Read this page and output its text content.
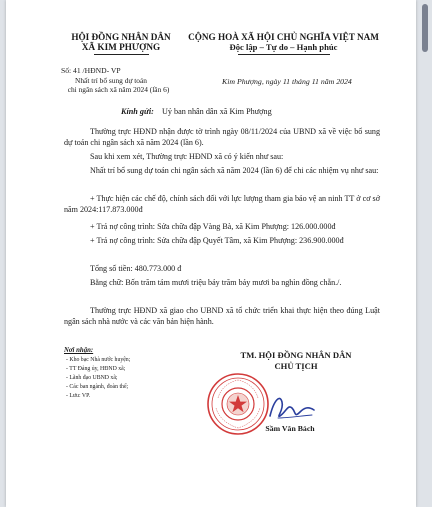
HỘI ĐỒNG NHÂN DÂN
XÃ KIM PHƯỢNG
CỘNG HOÀ XÃ HỘI CHỦ NGHĨA VIỆT NAM
Độc lập – Tự do – Hạnh phúc
Số: 41 /HĐND- VP
Nhất trí bổ sung dự toán
chi ngân sách xã năm 2024 (lần 6)
Kim Phượng, ngày 11 tháng 11 năm 2024
Kính gửi: Uỷ ban nhân dân xã Kim Phượng
Thường trực HĐND nhận được tờ trình ngày 08/11/2024 của UBND xã về việc bổ sung dự toán chi ngân sách xã năm 2024 (lần 6).
Sau khi xem xét, Thường trực HĐND xã có ý kiến như sau:
Nhất trí bổ sung dự toán chi ngân sách xã năm 2024 (lần 6) để chi các nhiệm vụ như sau:
+ Thực hiện các chế độ, chính sách đối với lực lượng tham gia bảo vệ an ninh TT ở cơ sở năm 2024:117.873.000đ
+ Trả nợ công trình: Sửa chữa đập Vàng Bà, xã Kim Phượng: 126.000.000đ
+ Trả nợ công trình: Sửa chữa đập Quyết Tâm, xã Kim Phượng: 236.900.000đ
Tổng số tiền: 480.773.000 đ
Bằng chữ: Bốn trăm tám mươi triệu bảy trăm bảy mươi ba nghìn đồng chẵn./.
Thường trực HĐND xã giao cho UBND xã tổ chức triển khai thực hiện theo đúng Luật ngân sách nhà nước và các văn bản hiện hành.
Nơi nhận:
- Kho bạc Nhà nước huyện;
- TT Đảng ủy, HĐND xã;
- Lãnh đạo UBND xã;
- Các ban ngành, đoàn thể;
- Lưu: VP.
TM. HỘI ĐỒNG NHÂN DÂN
CHỦ TỊCH
Sầm Văn Bách
